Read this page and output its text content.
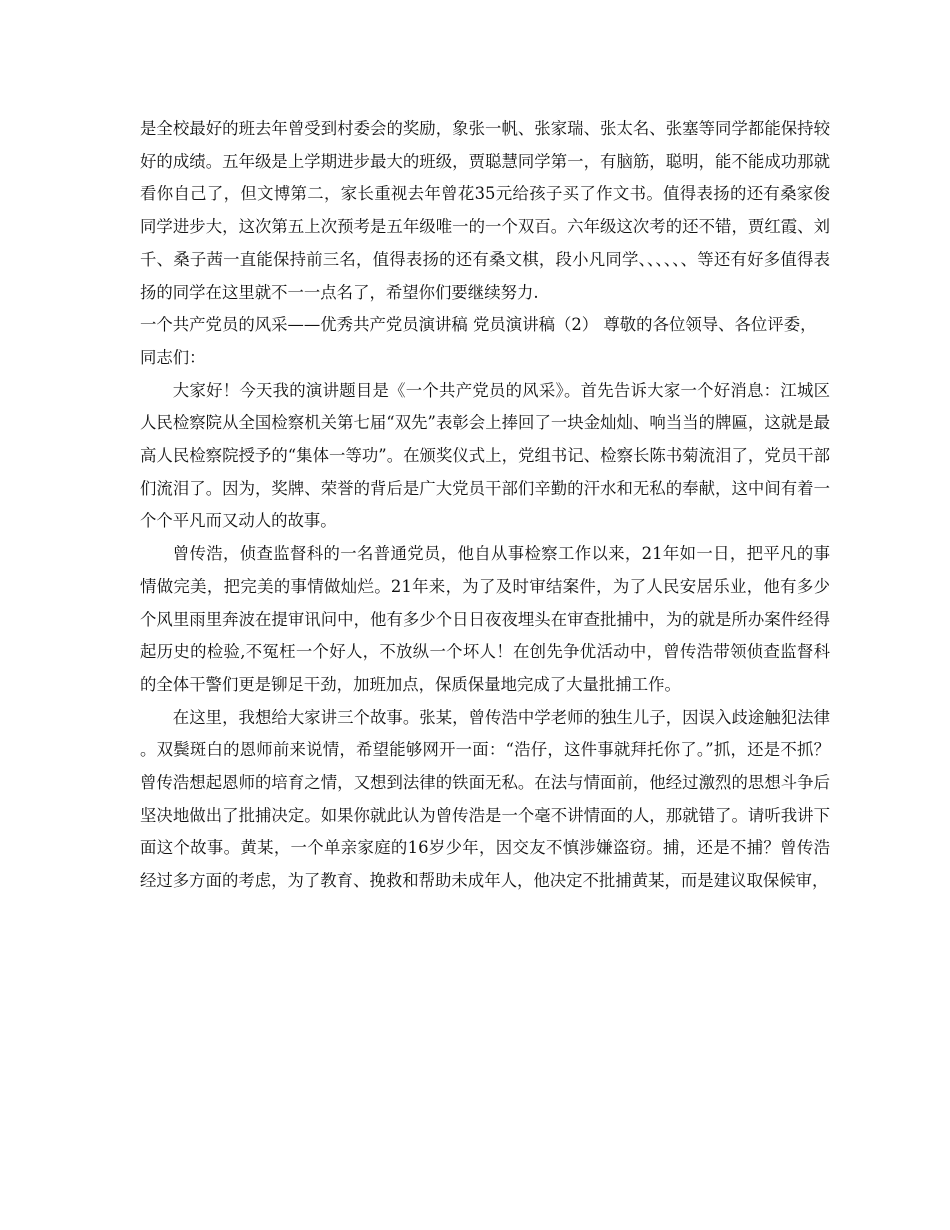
是全校最好的班去年曾受到村委会的奖励，象张一帆、张家瑞、张太名、张塞等同学都能保持较好的成绩。五年级是上学期进步最大的班级，贾聪慧同学第一，有脑筋，聪明，能不能成功那就看你自己了，但文博第二，家长重视去年曾花35元给孩子买了作文书。值得表扬的还有桑家俊同学进步大，这次第五上次预考是五年级唯一的一个双百。六年级这次考的还不错，贾红霞、刘千、桑子茜一直能保持前三名，值得表扬的还有桑文棋，段小凡同学、、、、、、等还有好多值得表扬的同学在这里就不一一点名了，希望你们要继续努力.

一个共产党员的风采——优秀共产党员演讲稿 党员演讲稿（2） 尊敬的各位领导、各位评委，同志们：

大家好！今天我的演讲题目是《一个共产党员的风采》。首先告诉大家一个好消息：江城区人民检察院从全国检察机关第七届“双先”表彰会上捧回了一块金灿灿、响当当的牌匾，这就是最高人民检察院授予的“集体一等功”。在颁奖仪式上，党组书记、检察长陈书菊流泪了，党员干部们流泪了。因为，奖牌、荣誉的背后是广大党员干部们辛勤的汗水和无私的奉献，这中间有着一个个平凡而又动人的故事。

曾传浩，侦查监督科的一名普通党员，他自从事检察工作以来，21年如一日，把平凡的事情做完美，把完美的事情做灿烂。21年来，为了及时审结案件，为了人民安居乐业，他有多少个风里雨里奔波在提审讯问中，他有多少个日日夜夜埋头在审查批捕中，为的就是所办案件经得起历史的检验,不冤枉一个好人，不放纵一个坏人！在创先争优活动中，曾传浩带领侦查监督科的全体干警们更是铆足干劲，加班加点，保质保量地完成了大量批捕工作。

在这里，我想给大家讲三个故事。张某，曾传浩中学老师的独生儿子，因误入歧途触犯法律。双鬓斑白的恩师前来说情，希望能够网开一面：“浩仔，这件事就拜托你了。”抓，还是不抓？曾传浩想起恩师的培育之情，又想到法律的铁面无私。在法与情面前，他经过激烈的思想斗争后坚决地做出了批捕决定。如果你就此认为曾传浩是一个毫不讲情面的人，那就错了。请听我讲下面这个故事。黄某，一个单亲家庭的16岁少年，因交友不慎涉嫌盗窃。捕，还是不捕？曾传浩经过多方面的考虑，为了教育、挽救和帮助未成年人，他决定不批捕黄某，而是建议取保候审，
